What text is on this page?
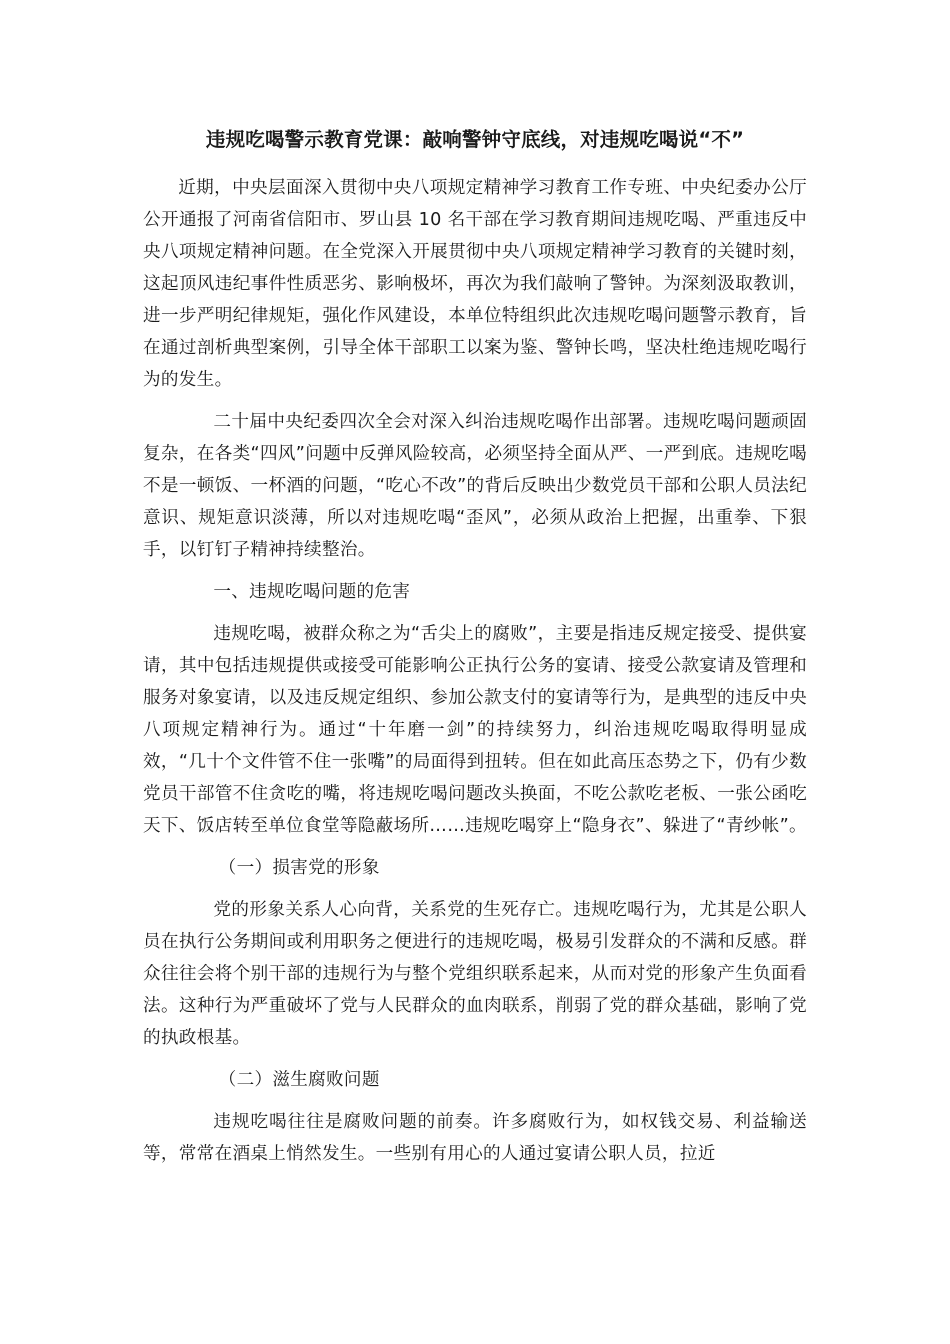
违规吃喝警示教育党课：敲响警钟守底线，对违规吃喝说“不”

近期，中央层面深入贯彻中央八项规定精神学习教育工作专班、中央纪委办公厅公开通报了河南省信阳市、罗山县 10 名干部在学习教育期间违规吃喝、严重违反中央八项规定精神问题。在全党深入开展贯彻中央八项规定精神学习教育的关键时刻，这起顶风违纪事件性质恶劣、影响极坏，再次为我们敲响了警钟。为深刻汲取教训，进一步严明纪律规矩，强化作风建设，本单位特组织此次违规吃喝问题警示教育，旨在通过剖析典型案例，引导全体干部职工以案为鉴、警钟长鸣，坚决杜绝违规吃喝行为的发生。

二十届中央纪委四次全会对深入纠治违规吃喝作出部署。违规吃喝问题顽固复杂，在各类“四风”问题中反弹风险较高，必须坚持全面从严、一严到底。违规吃喝不是一顿饭、一杯酒的问题，“吃心不改”的背后反映出少数党员干部和公职人员法纪意识、规矩意识淡薄，所以对违规吃喝“歪风”，必须从政治上把握，出重拳、下狠手，以钉钉子精神持续整治。

一、违规吃喝问题的危害

违规吃喝，被群众称之为“舌尖上的腐败”，主要是指违反规定接受、提供宴请，其中包括违规提供或接受可能影响公正执行公务的宴请、接受公款宴请及管理和服务对象宴请，以及违反规定组织、参加公款支付的宴请等行为，是典型的违反中央八项规定精神行为。通过“十年磨一剑”的持续努力，纠治违规吃喝取得明显成效，“几十个文件管不住一张嘴”的局面得到扭转。但在如此高压态势之下，仍有少数党员干部管不住贪吃的嘴，将违规吃喝问题改头换面，不吃公款吃老板、一张公函吃天下、饭店转至单位食堂等隐蔽场所……违规吃喝穿上“隐身衣”、躲进了“青纱帐”。

（一）损害党的形象

党的形象关系人心向背，关系党的生死存亡。违规吃喝行为，尤其是公职人员在执行公务期间或利用职务之便进行的违规吃喝，极易引发群众的不满和反感。群众往往会将个别干部的违规行为与整个党组织联系起来，从而对党的形象产生负面看法。这种行为严重破坏了党与人民群众的血肉联系，削弱了党的群众基础，影响了党的执政根基。

（二）滋生腐败问题

违规吃喝往往是腐败问题的前奏。许多腐败行为，如权钱交易、利益输送等，常常在酒桌上悄然发生。一些别有用心的人通过宴请公职人员，拉近
